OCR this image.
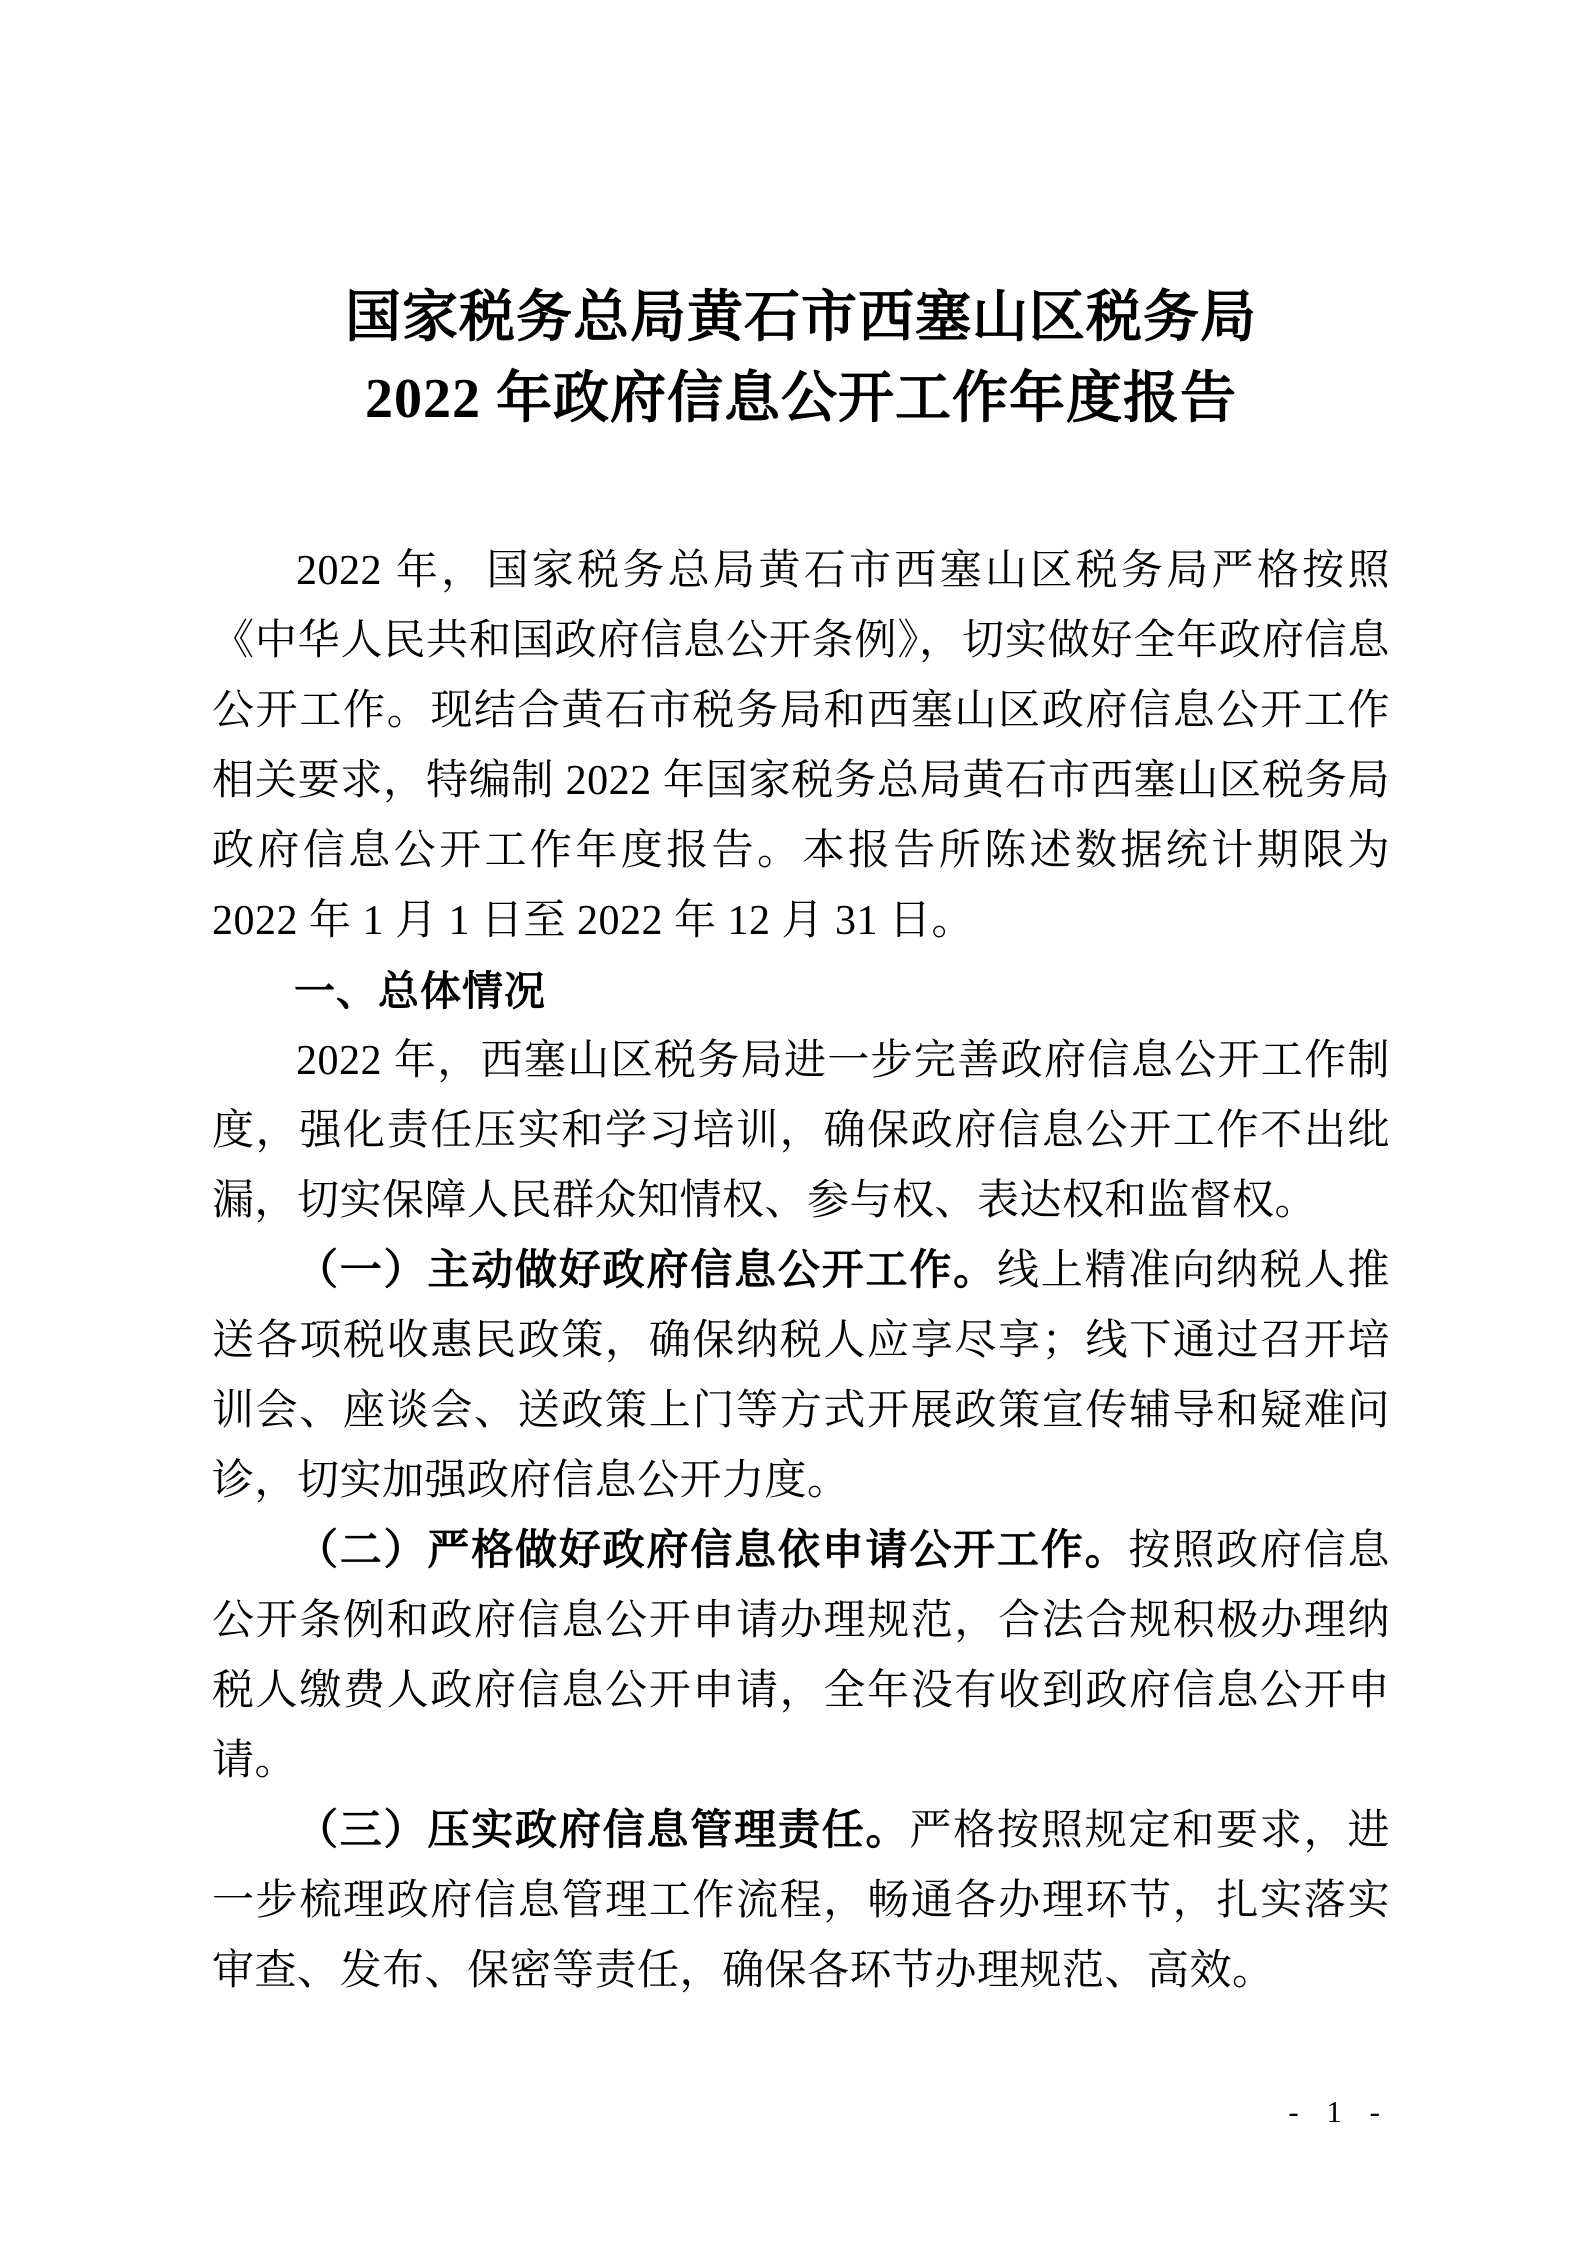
国家税务总局黄石市西塞山区税务局
2022 年政府信息公开工作年度报告

2022 年，国家税务总局黄石市西塞山区税务局严格按照《中华人民共和国政府信息公开条例》，切实做好全年政府信息公开工作。现结合黄石市税务局和西塞山区政府信息公开工作相关要求，特编制 2022 年国家税务总局黄石市西塞山区税务局政府信息公开工作年度报告。本报告所陈述数据统计期限为 2022 年 1 月 1 日至 2022 年 12 月 31 日。

一、总体情况

2022 年，西塞山区税务局进一步完善政府信息公开工作制度，强化责任压实和学习培训，确保政府信息公开工作不出纰漏，切实保障人民群众知情权、参与权、表达权和监督权。

（一）主动做好政府信息公开工作。线上精准向纳税人推送各项税收惠民政策，确保纳税人应享尽享；线下通过召开培训会、座谈会、送政策上门等方式开展政策宣传辅导和疑难问诊，切实加强政府信息公开力度。

（二）严格做好政府信息依申请公开工作。按照政府信息公开条例和政府信息公开申请办理规范，合法合规积极办理纳税人缴费人政府信息公开申请，全年没有收到政府信息公开申请。

（三）压实政府信息管理责任。严格按照规定和要求，进一步梳理政府信息管理工作流程，畅通各办理环节，扎实落实审查、发布、保密等责任，确保各环节办理规范、高效。

- 1 -
